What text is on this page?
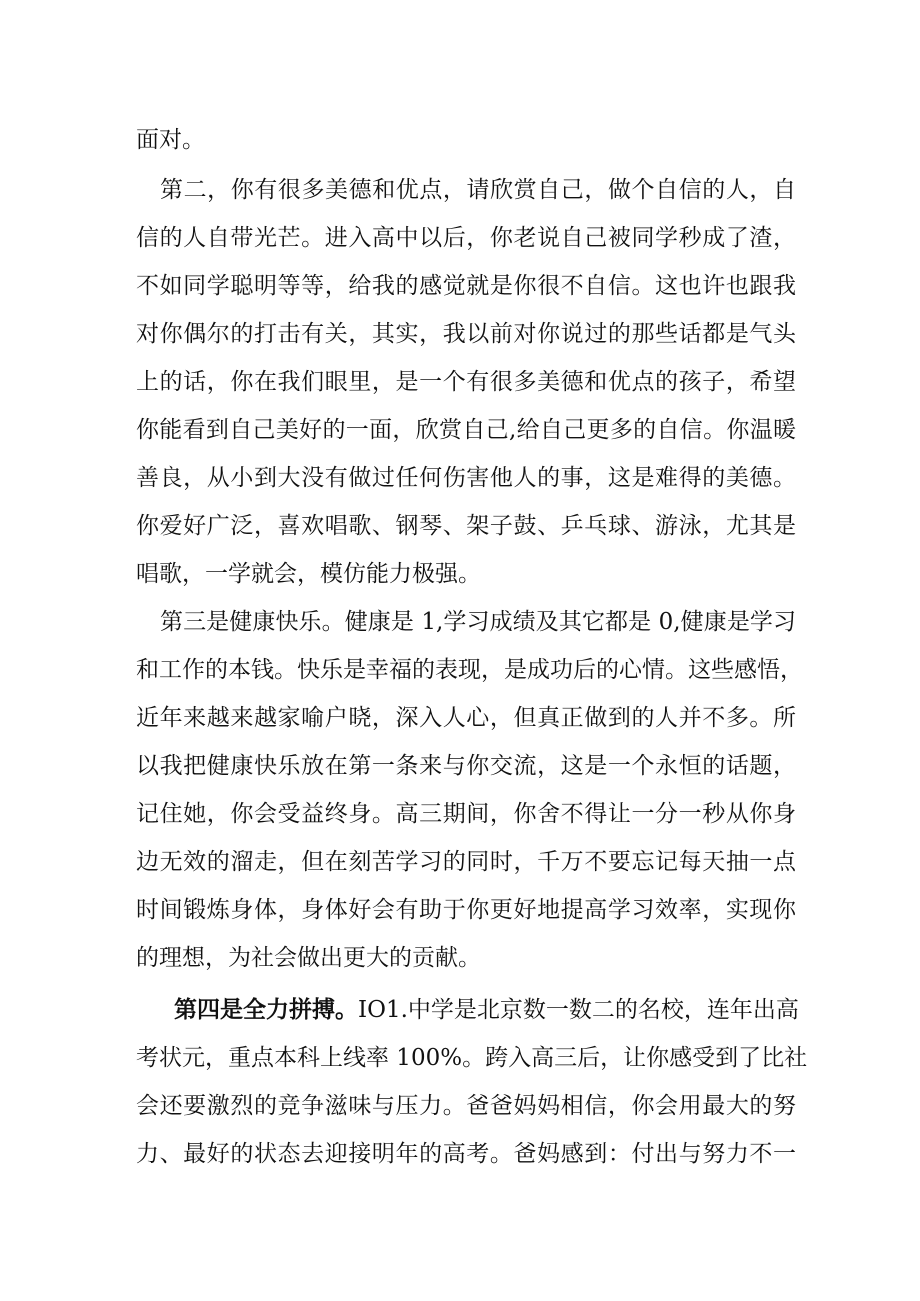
面对。
第二，你有很多美德和优点，请欣赏自己，做个自信的人，自
信的人自带光芒。进入高中以后，你老说自己被同学秒成了渣，
不如同学聪明等等，给我的感觉就是你很不自信。这也许也跟我
对你偶尔的打击有关，其实，我以前对你说过的那些话都是气头
上的话，你在我们眼里，是一个有很多美德和优点的孩子，希望
你能看到自己美好的一面，欣赏自己,给自己更多的自信。你温暖
善良，从小到大没有做过任何伤害他人的事，这是难得的美德。
你爱好广泛，喜欢唱歌、钢琴、架子鼓、乒乓球、游泳，尤其是
唱歌，一学就会，模仿能力极强。
第三是健康快乐。健康是 1,学习成绩及其它都是 0,健康是学习
和工作的本钱。快乐是幸福的表现，是成功后的心情。这些感悟，
近年来越来越家喻户晓，深入人心，但真正做到的人并不多。所
以我把健康快乐放在第一条来与你交流，这是一个永恒的话题，
记住她，你会受益终身。高三期间，你舍不得让一分一秒从你身
边无效的溜走，但在刻苦学习的同时，千万不要忘记每天抽一点
时间锻炼身体，身体好会有助于你更好地提高学习效率，实现你
的理想，为社会做出更大的贡献。
第四是全力拼搏。IO1.中学是北京数一数二的名校，连年出高
考状元，重点本科上线率 100%。跨入高三后，让你感受到了比社
会还要激烈的竞争滋味与压力。爸爸妈妈相信，你会用最大的努
力、最好的状态去迎接明年的高考。爸妈感到：付出与努力不一
